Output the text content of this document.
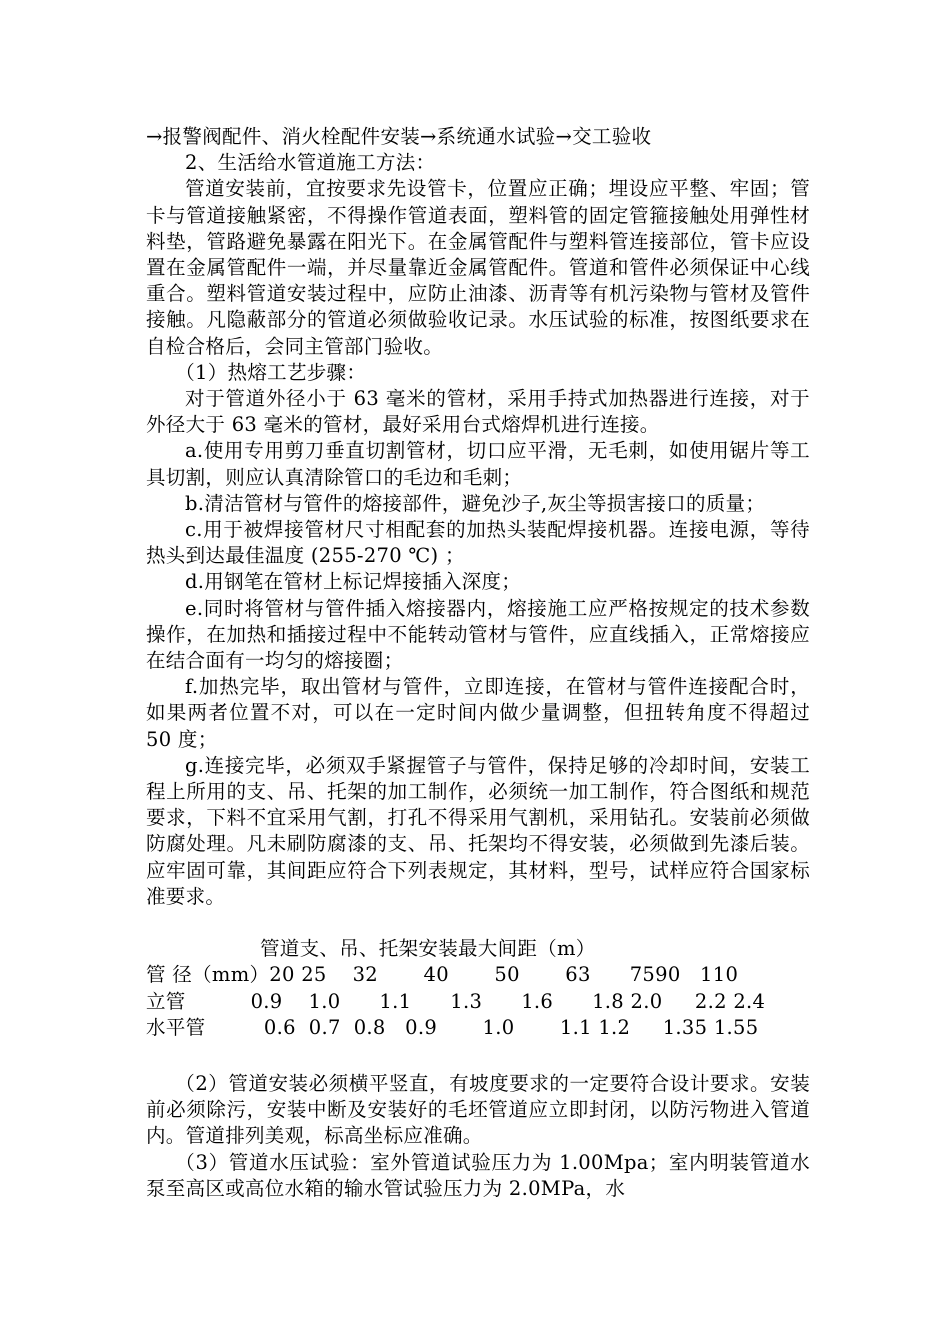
→报警阀配件、消火栓配件安装→系统通水试验→交工验收

2、生活给水管道施工方法：

管道安装前，宜按要求先设管卡，位置应正确；埋设应平整、牢固；管卡与管道接触紧密，不得操作管道表面，塑料管的固定管箍接触处用弹性材料垫，管路避免暴露在阳光下。在金属管配件与塑料管连接部位，管卡应设置在金属管配件一端，并尽量靠近金属管配件。管道和管件必须保证中心线重合。塑料管道安装过程中，应防止油漆、沥青等有机污染物与管材及管件接触。凡隐蔽部分的管道必须做验收记录。水压试验的标准，按图纸要求在自检合格后，会同主管部门验收。

（1）热熔工艺步骤：

对于管道外径小于 63 毫米的管材，采用手持式加热器进行连接，对于外径大于 63 毫米的管材，最好采用台式熔焊机进行连接。

a.使用专用剪刀垂直切割管材，切口应平滑，无毛刺，如使用锯片等工具切割，则应认真清除管口的毛边和毛刺；

b.清洁管材与管件的熔接部件，避免沙子,灰尘等损害接口的质量；

c.用于被焊接管材尺寸相配套的加热头装配焊接机器。连接电源，等待热头到达最佳温度 (255-270 ℃) ；

d.用钢笔在管材上标记焊接插入深度；

e.同时将管材与管件插入熔接器内，熔接施工应严格按规定的技术参数操作，在加热和插接过程中不能转动管材与管件，应直线插入，正常熔接应在结合面有一均匀的熔接圈；

f.加热完毕，取出管材与管件，立即连接，在管材与管件连接配合时，如果两者位置不对，可以在一定时间内做少量调整，但扭转角度不得超过 50 度；

g.连接完毕，必须双手紧握管子与管件，保持足够的冷却时间，安装工程上所用的支、吊、托架的加工制作，必须统一加工制作，符合图纸和规范要求，下料不宜采用气割，打孔不得采用气割机，采用钻孔。安装前必须做防腐处理。凡未刷防腐漆的支、吊、托架均不得安装，必须做到先漆后装。应牢固可靠，其间距应符合下列表规定，其材料，型号，试样应符合国家标准要求。

管道支、吊、托架安装最大间距（m）
管 径（mm）20 25    32       40       50       63      7590   110
立管          0.9    1.0      1.1      1.3      1.6      1.8 2.0     2.2 2.4
水平管         0.6  0.7  0.8   0.9       1.0       1.1 1.2     1.35 1.55

（2）管道安装必须横平竖直，有坡度要求的一定要符合设计要求。安装前必须除污，安装中断及安装好的毛坯管道应立即封闭，以防污物进入管道内。管道排列美观，标高坐标应准确。

（3）管道水压试验：室外管道试验压力为 1.00Mpa；室内明装管道水泵至高区或高位水箱的输水管试验压力为 2.0MPa，水
